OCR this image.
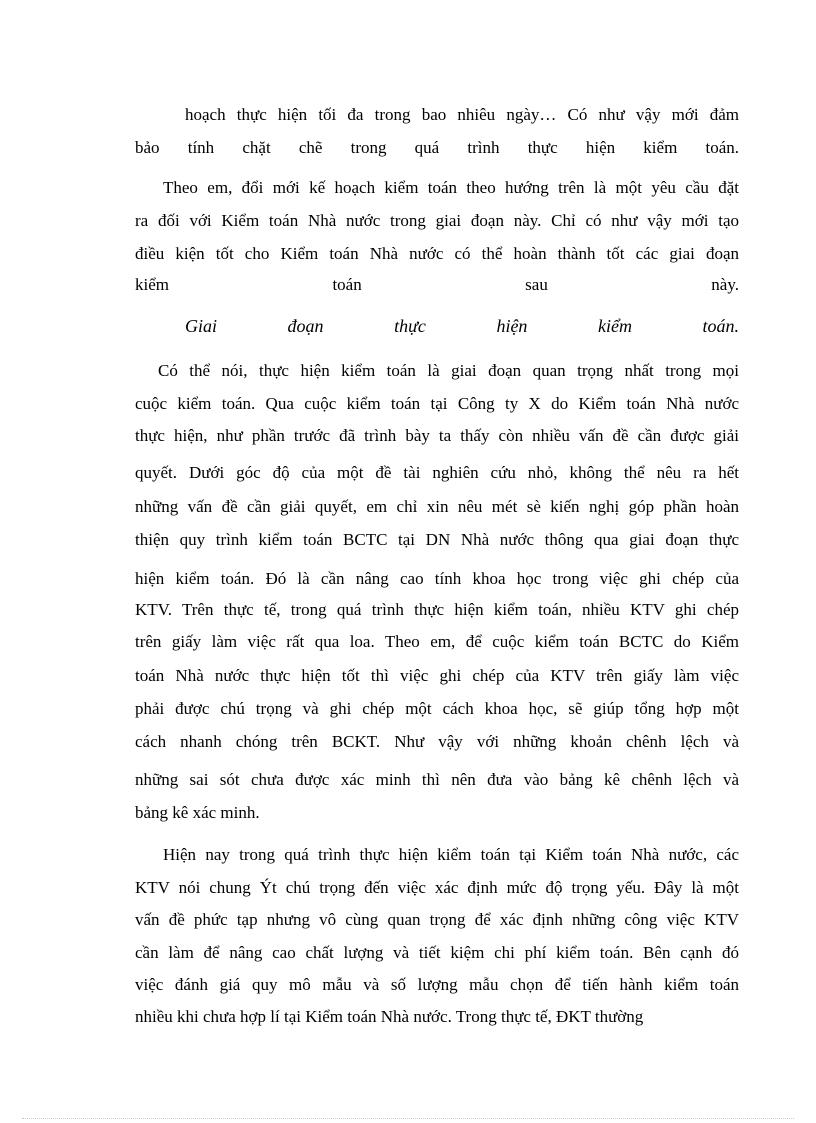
hoạch thực hiện tối đa trong bao nhiêu ngày… Có như vậy mới đảm
bảo tính chặt chẽ trong quá trình thực hiện kiểm toán.
Theo em, đổi mới kế hoạch kiểm toán theo hướng trên là một yêu cầu đặt
ra đối với Kiểm toán Nhà nước trong giai đoạn này. Chỉ có như vậy mới tạo
điều kiện tốt cho Kiểm toán Nhà nước có thể hoàn thành tốt các giai đoạn
kiểm toán sau này.
Giai đoạn thực hiện kiểm toán.
Có thể nói, thực hiện kiểm toán là giai đoạn quan trọng nhất trong mọi
cuộc kiểm toán. Qua cuộc kiểm toán tại Công ty X do Kiểm toán Nhà nước
thực hiện, như phần trước đã trình bày ta thấy còn nhiều vấn đề cần được giải
quyết. Dưới góc độ của một đề tài nghiên cứu nhỏ, không thể nêu ra hết
những vấn đề cần giải quyết, em chỉ xin nêu mét sè kiến nghị góp phần hoàn
thiện quy trình kiểm toán BCTC tại DN Nhà nước thông qua giai đoạn thực
hiện kiểm toán. Đó là cần nâng cao tính khoa học trong việc ghi chép của
KTV. Trên thực tế, trong quá trình thực hiện kiểm toán, nhiều KTV ghi chép
trên giấy làm việc rất qua loa. Theo em, để cuộc kiểm toán BCTC do Kiểm
toán Nhà nước thực hiện tốt thì việc ghi chép của KTV trên giấy làm việc
phải được chú trọng và ghi chép một cách khoa học, sẽ giúp tổng hợp một
cách nhanh chóng trên BCKT. Như vậy với những khoản chênh lệch và
những sai sót chưa được xác minh thì nên đưa vào bảng kê chênh lệch và
bảng kê xác minh.
Hiện nay trong quá trình thực hiện kiểm toán tại Kiểm toán Nhà nước, các
KTV nói chung Ýt chú trọng đến việc xác định mức độ trọng yếu. Đây là một
vấn đề phức tạp nhưng vô cùng quan trọng để xác định những công việc KTV
cần làm để nâng cao chất lượng và tiết kiệm chi phí kiểm toán. Bên cạnh đó
việc đánh giá quy mô mẫu và số lượng mẫu chọn để tiến hành kiểm toán
nhiều khi chưa hợp lí tại Kiểm toán Nhà nước. Trong thực tế, ĐKT thường
